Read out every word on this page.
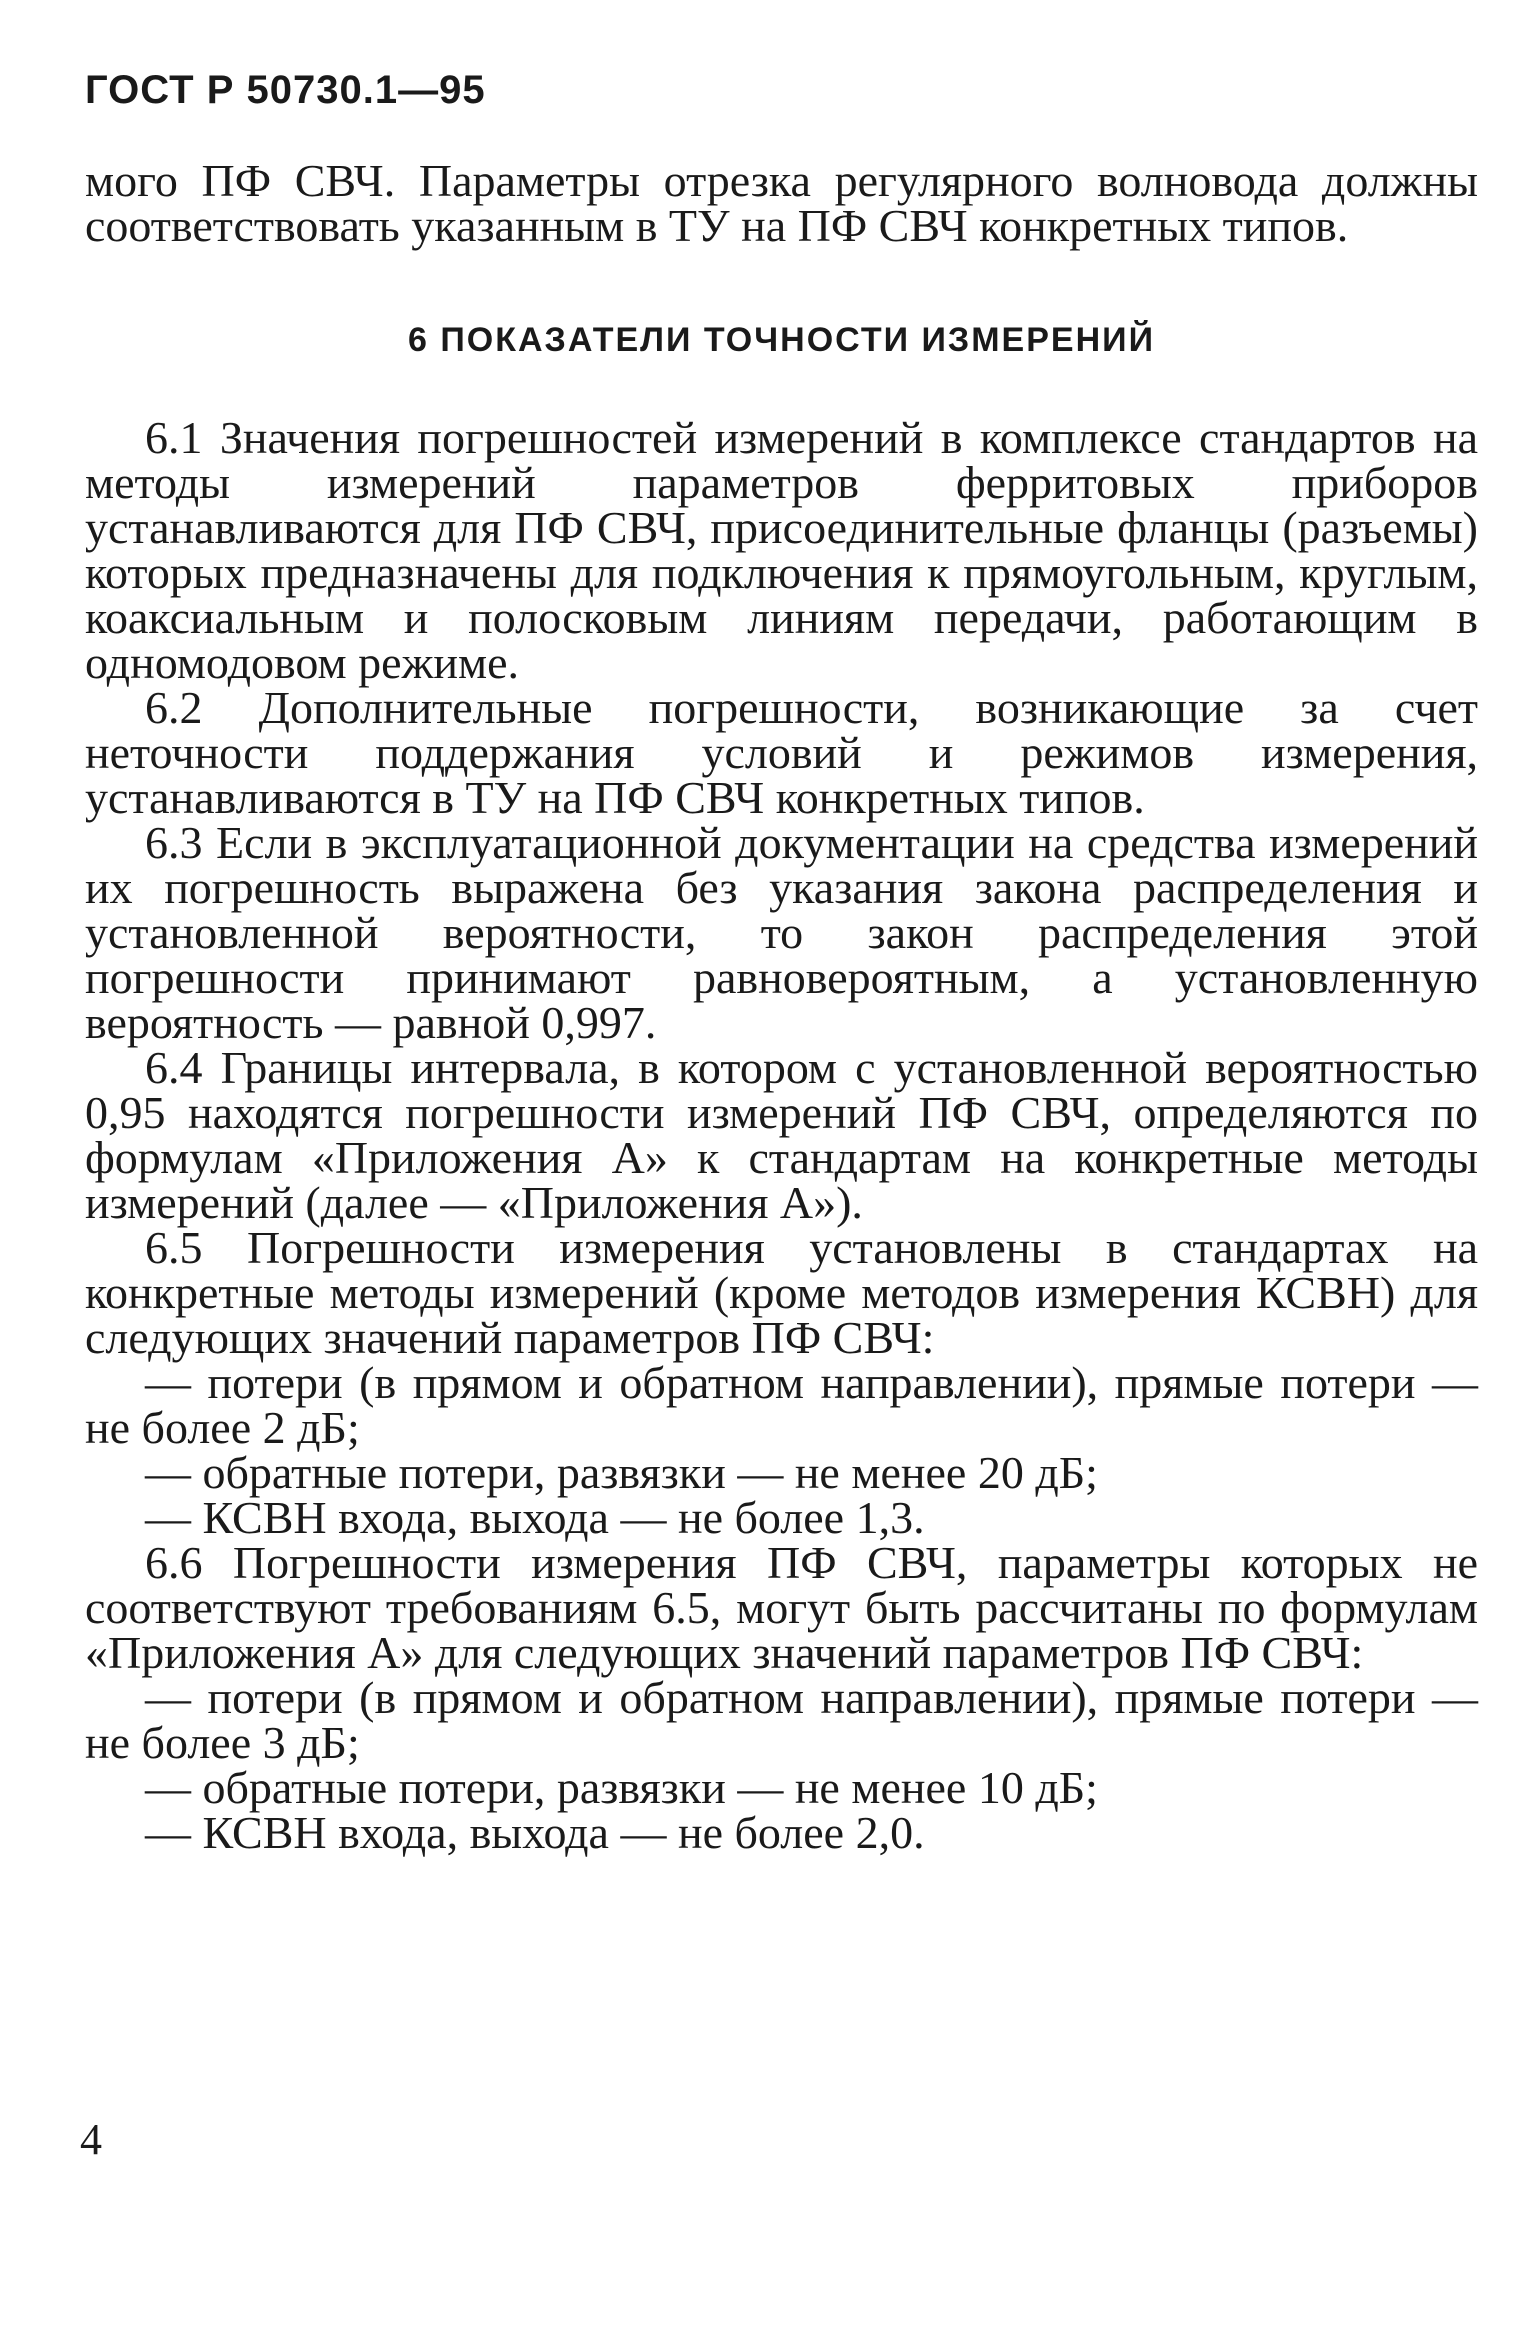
ГОСТ Р 50730.1—95

мого ПФ СВЧ. Параметры отрезка регулярного волновода должны соответствовать указанным в ТУ на ПФ СВЧ конкретных типов.

6 ПОКАЗАТЕЛИ ТОЧНОСТИ ИЗМЕРЕНИЙ

6.1 Значения погрешностей измерений в комплексе стандартов на методы измерений параметров ферритовых приборов устанавливаются для ПФ СВЧ, присоединительные фланцы (разъемы) которых предназначены для подключения к прямоугольным, круглым, коаксиальным и полосковым линиям передачи, работающим в одномодовом режиме.

6.2 Дополнительные погрешности, возникающие за счет неточности поддержания условий и режимов измерения, устанавливаются в ТУ на ПФ СВЧ конкретных типов.

6.3 Если в эксплуатационной документации на средства измерений их погрешность выражена без указания закона распределения и установленной вероятности, то закон распределения этой погрешности принимают равновероятным, а установленную вероятность — равной 0,997.

6.4 Границы интервала, в котором с установленной вероятностью 0,95 находятся погрешности измерений ПФ СВЧ, определяются по формулам «Приложения А» к стандартам на конкретные методы измерений (далее — «Приложения А»).

6.5 Погрешности измерения установлены в стандартах на конкретные методы измерений (кроме методов измерения КСВН) для следующих значений параметров ПФ СВЧ:

— потери (в прямом и обратном направлении), прямые потери — не более 2 дБ;

— обратные потери, развязки — не менее 20 дБ;

— КСВН входа, выхода — не более 1,3.

6.6 Погрешности измерения ПФ СВЧ, параметры которых не соответствуют требованиям 6.5, могут быть рассчитаны по формулам «Приложения А» для следующих значений параметров ПФ СВЧ:

— потери (в прямом и обратном направлении), прямые потери — не более 3 дБ;

— обратные потери, развязки — не менее 10 дБ;

— КСВН входа, выхода — не более 2,0.

4
